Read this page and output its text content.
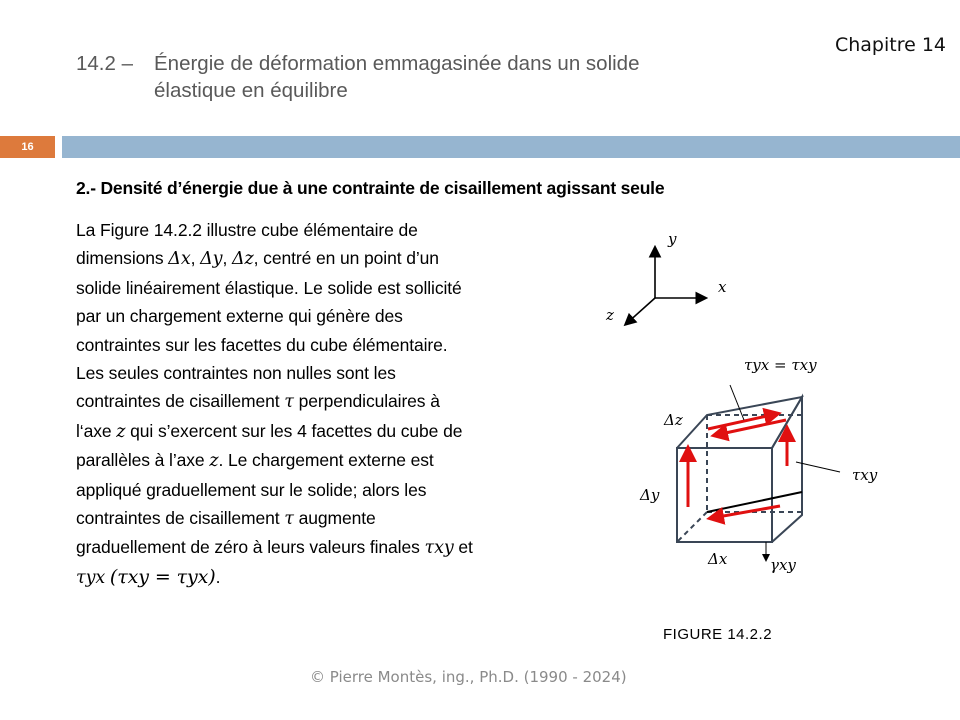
Chapitre 14
14.2 – Énergie de déformation emmagasinée dans un solide
élastique en équilibre
16
2.- Densité d’énergie due à une contrainte de cisaillement agissant seule
La Figure 14.2.2 illustre cube élémentaire de dimensions Δx, Δy, Δz, centré en un point d’un solide linéairement élastique. Le solide est sollicité par un chargement externe qui génère des contraintes sur les facettes du cube élémentaire. Les seules contraintes non nulles sont les contraintes de cisaillement τ perpendiculaires à l‘axe z qui s’exercent sur les 4 facettes du cube de parallèles à l’axe z. Le chargement externe est appliqué graduellement sur le solide; alors les contraintes de cisaillement τ augmente graduellement de zéro à leurs valeurs finales τxy et τyx (τxy = τyx).
y
x
z
τyx = τxy
Δz
Δy
Δx
τxy
γxy
FIGURE 14.2.2
© Pierre Montès, ing., Ph.D. (1990 - 2024)
